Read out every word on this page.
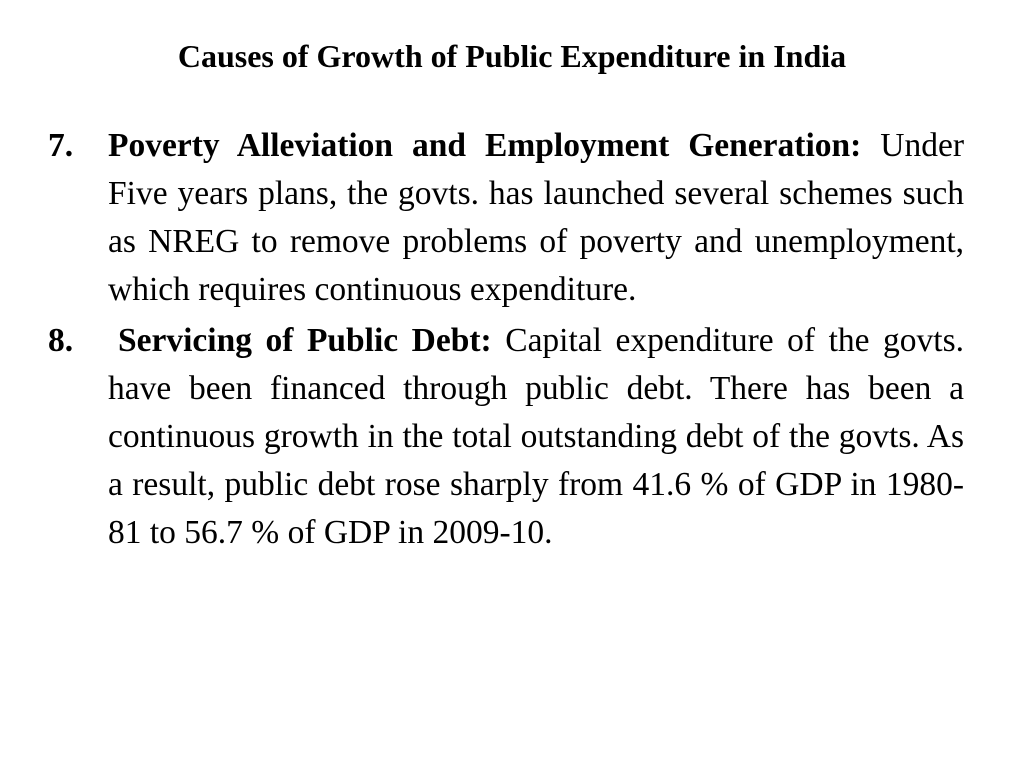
Causes of Growth of Public Expenditure in India
7. Poverty Alleviation and Employment Generation: Under Five years plans, the govts. has launched several schemes such as NREG to remove problems of poverty and unemployment, which requires continuous expenditure.
8. Servicing of Public Debt: Capital expenditure of the govts. have been financed through public debt. There has been a continuous growth in the total outstanding debt of the govts. As a result, public debt rose sharply from 41.6 % of GDP in 1980-81 to 56.7 % of GDP in 2009-10.
